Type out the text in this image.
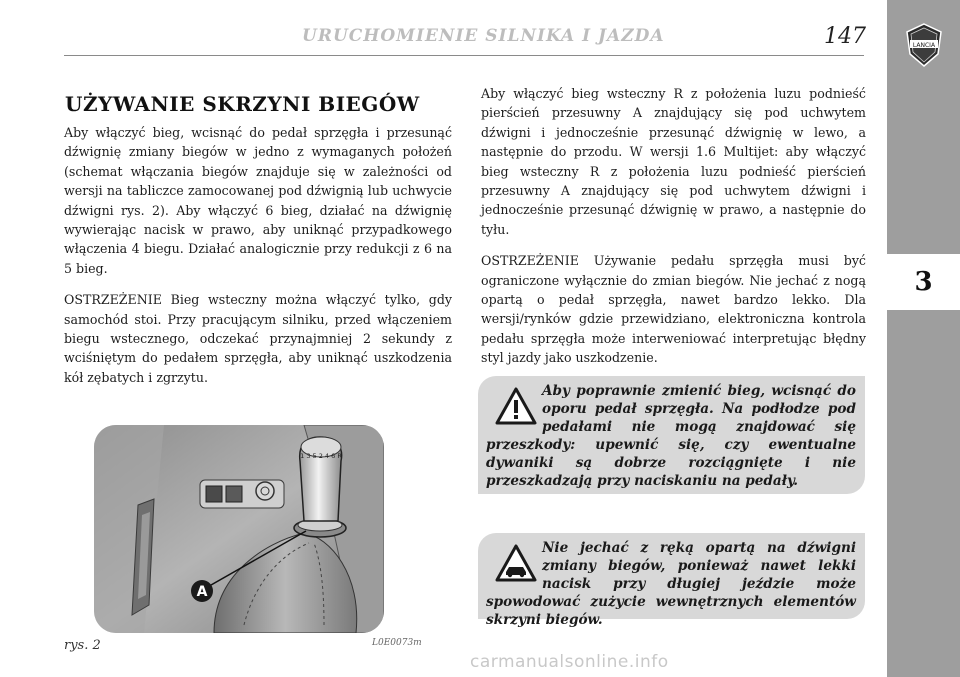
3
LANCIA
URUCHOMIENIE SILNIKA I JAZDA	147
UŻYWANIE SKRZYNI BIEGÓW

Aby włączyć bieg, wcisnąć do pedał sprzęgła i przesunąć dźwignię zmiany biegów w jedno z wymaganych położeń (schemat włączania biegów znajduje się w zależności od wersji na tabliczce zamocowanej pod dźwignią lub uchwycie dźwigni rys. 2). Aby włączyć 6 bieg, działać na dźwignię wywierając nacisk w prawo, aby uniknąć przypadkowego włączenia 4 biegu. Działać analogicznie przy redukcji z 6 na 5 bieg.

OSTRZEŻENIE Bieg wsteczny można włączyć tylko, gdy samochód stoi. Przy pracującym silniku, przed włączeniem biegu wstecznego, odczekać przynajmniej 2 sekundy z wciśniętym do pedałem sprzęgła, aby uniknąć uszkodzenia kół zębatych i zgrzytu.

Aby włączyć bieg wsteczny R z położenia luzu podnieść pierścień przesuwny A znajdujący się pod uchwytem dźwigni i jednocześnie przesunąć dźwignię w lewo, a następnie do przodu. W wersji 1.6 Multijet: aby włączyć bieg wsteczny R z położenia luzu podnieść pierścień przesuwny A znajdujący się pod uchwytem dźwigni i jednocześnie przesunąć dźwignię w prawo, a następnie do tyłu.

OSTRZEŻENIE Używanie pedału sprzęgła musi być ograniczone wyłącznie do zmian biegów. Nie jechać z nogą opartą o pedał sprzęgła, nawet bardzo lekko. Dla wersji/rynków gdzie przewidziano, elektroniczna kontrola pedału sprzęgła może interweniować interpretując błędny styl jazdy jako uszkodzenie.

Aby poprawnie zmienić bieg, wcisnąć do oporu pedał sprzęgła. Na podłodze pod pedałami nie mogą znajdować się przeszkody: upewnić się, czy ewentualne dywaniki są dobrze rozciągnięte i nie przeszkadzają przy naciskaniu na pedały.
Nie jechać z ręką opartą na dźwigni zmiany biegów, ponieważ nawet lekki nacisk przy długiej jeździe może spowodować zużycie wewnętrznych elementów skrzyni biegów.
1 3 5 2 4 6 R
A
rys. 2	L0E0073m
carmanualsonline.info
